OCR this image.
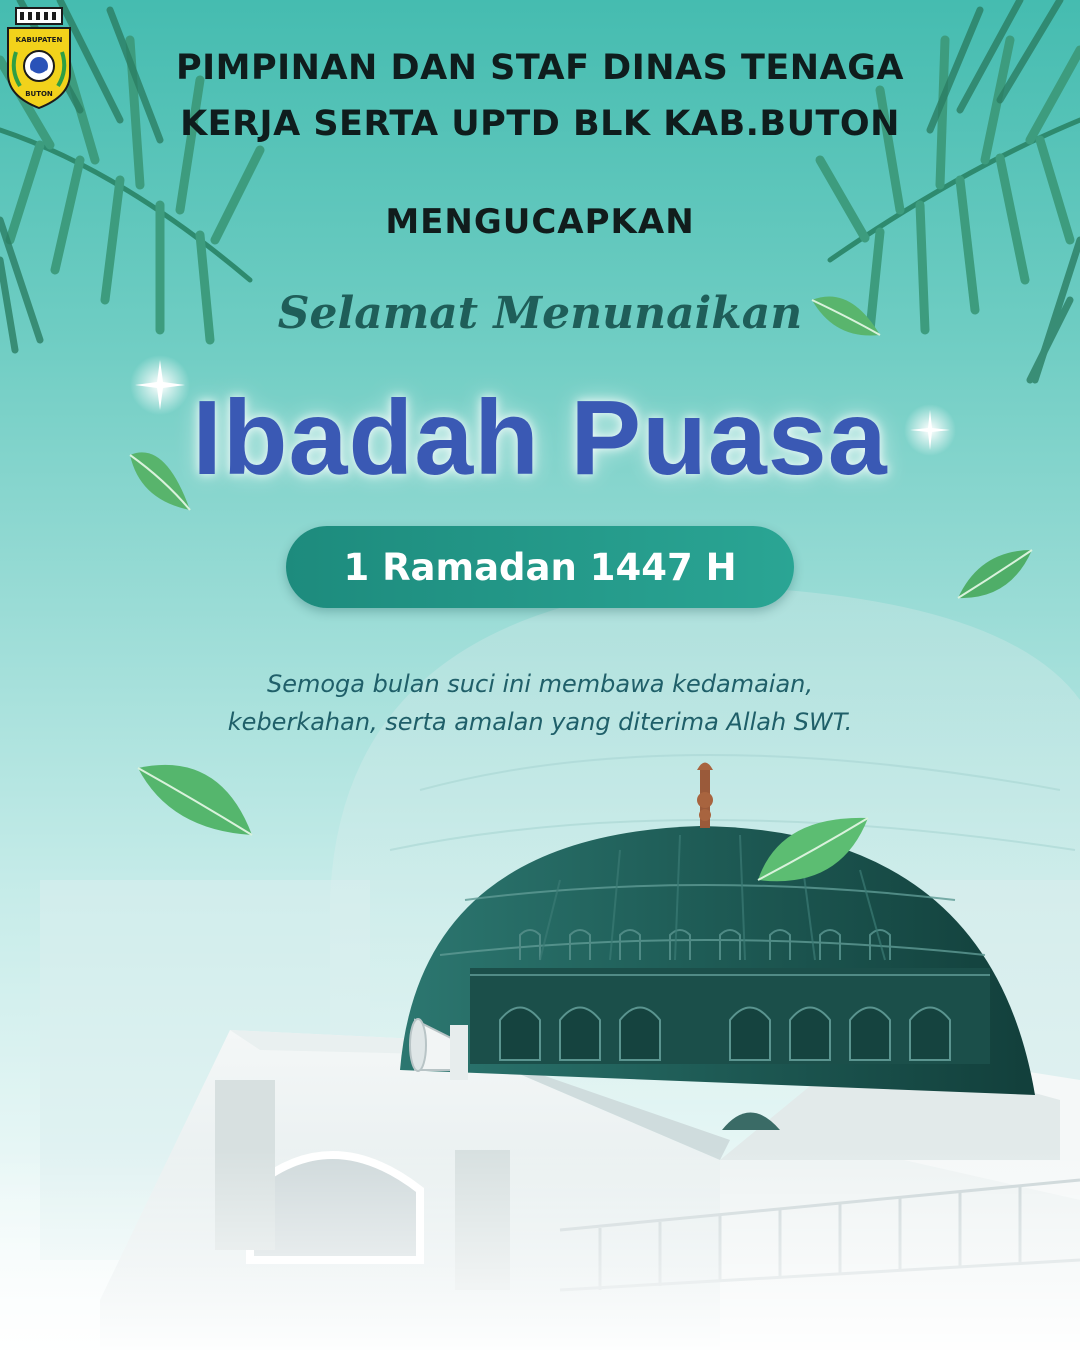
KABUPATEN
BUTON
PIMPINAN DAN STAF DINAS TENAGA
KERJA SERTA UPTD BLK KAB.BUTON
MENGUCAPKAN
Selamat Menunaikan
Ibadah Puasa
1 Ramadan 1447 H
Semoga bulan suci ini membawa kedamaian,
keberkahan, serta amalan yang diterima Allah SWT.
